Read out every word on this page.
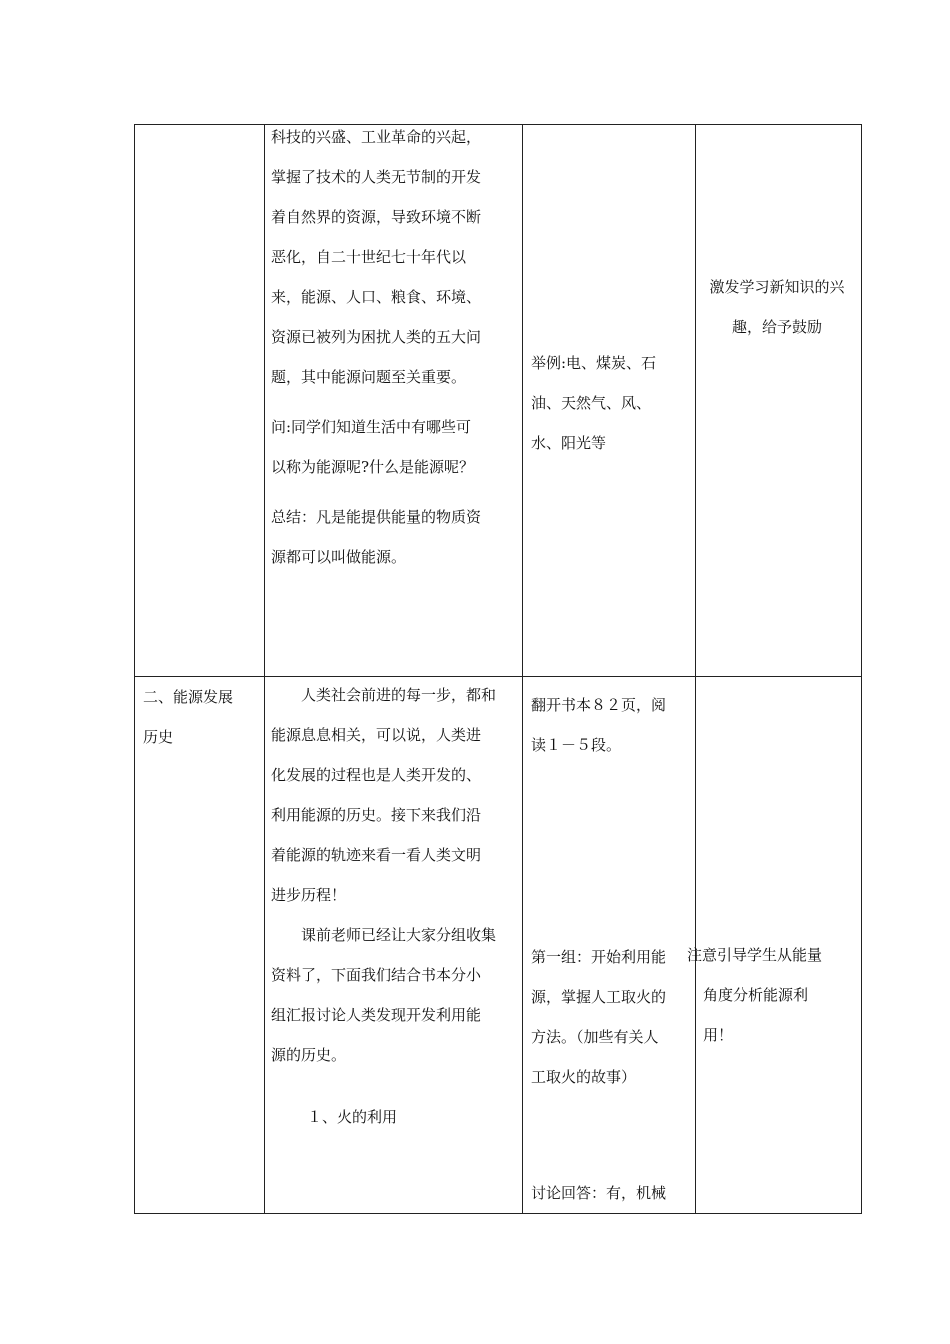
科技的兴盛、工业革命的兴起，
掌握了技术的人类无节制的开发
着自然界的资源，导致环境不断
恶化，自二十世纪七十年代以
来，能源、人口、粮食、环境、
资源已被列为困扰人类的五大问
题，其中能源问题至关重要。
问:同学们知道生活中有哪些可
以称为能源呢?什么是能源呢？
总结：凡是能提供能量的物质资
源都可以叫做能源。
举例:电、煤炭、石
油、天然气、风、
水、阳光等
激发学习新知识的兴
趣，给予鼓励
二、能源发展
历史
人类社会前进的每一步，都和
能源息息相关，可以说，人类进
化发展的过程也是人类开发的、
利用能源的历史。接下来我们沿
着能源的轨迹来看一看人类文明
进步历程！
课前老师已经让大家分组收集
资料了，下面我们结合书本分小
组汇报讨论人类发现开发利用能
源的历史。
１、火的利用
翻开书本８２页，阅
读１－５段。
第一组：开始利用能
源，掌握人工取火的
方法。（加些有关人
工取火的故事）
讨论回答：有，机械
注意引导学生从能量
角度分析能源利
用！
